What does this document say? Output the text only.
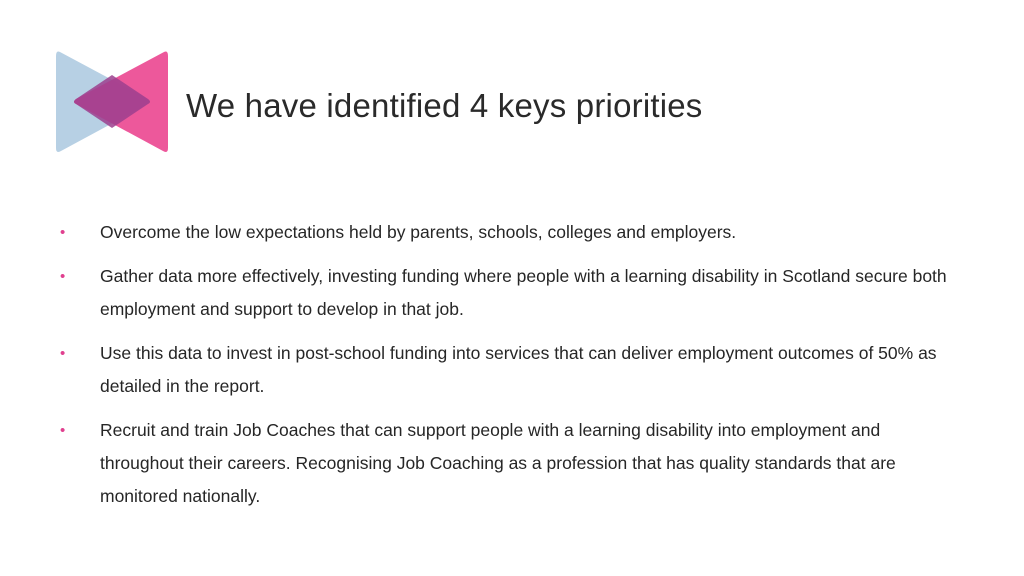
We have identified 4 keys priorities
• Overcome the low expectations held by parents, schools, colleges and employers.
• Gather data more effectively, investing funding where people with a learning disability in Scotland secure both employment and support to develop in that job.
• Use this data to invest in post-school funding into services that can deliver employment outcomes of 50% as detailed in the report.
• Recruit and train Job Coaches that can support people with a learning disability into employment and throughout their careers. Recognising Job Coaching as a profession that has quality standards that are monitored nationally.
